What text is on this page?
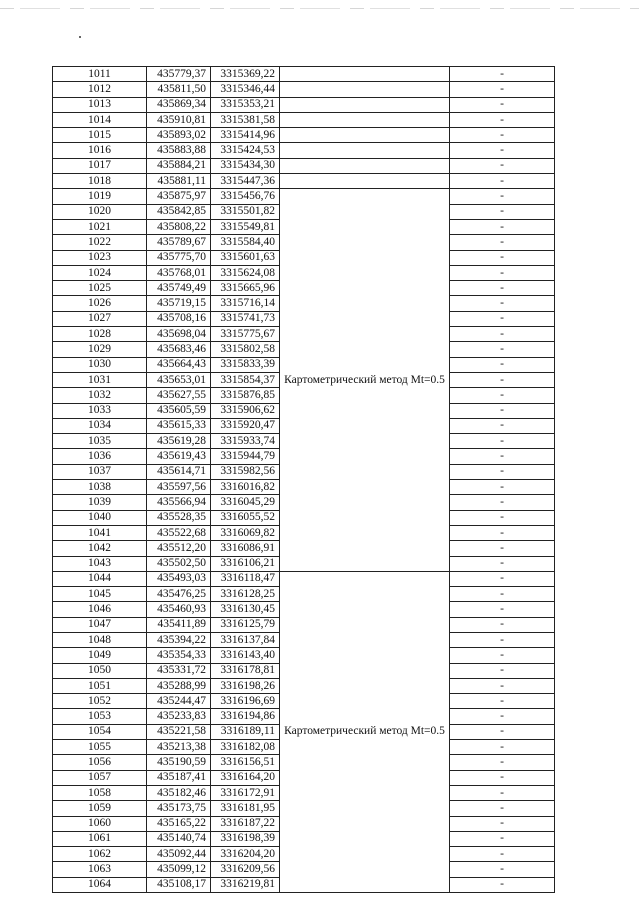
1011	435779,37	3315369,22		-
1012	435811,50	3315346,44		-
1013	435869,34	3315353,21		-
1014	435910,81	3315381,58		-
1015	435893,02	3315414,96		-
1016	435883,88	3315424,53		-
1017	435884,21	3315434,30		-
1018	435881,11	3315447,36		-
1019	435875,97	3315456,76	Картометрический метод Mt=0.5	-
1020	435842,85	3315501,82		-
1021	435808,22	3315549,81		-
1022	435789,67	3315584,40		-
1023	435775,70	3315601,63		-
1024	435768,01	3315624,08		-
1025	435749,49	3315665,96		-
1026	435719,15	3315716,14		-
1027	435708,16	3315741,73		-
1028	435698,04	3315775,67		-
1029	435683,46	3315802,58		-
1030	435664,43	3315833,39		-
1031	435653,01	3315854,37		-
1032	435627,55	3315876,85		-
1033	435605,59	3315906,62		-
1034	435615,33	3315920,47		-
1035	435619,28	3315933,74		-
1036	435619,43	3315944,79		-
1037	435614,71	3315982,56		-
1038	435597,56	3316016,82		-
1039	435566,94	3316045,29		-
1040	435528,35	3316055,52		-
1041	435522,68	3316069,82		-
1042	435512,20	3316086,91		-
1043	435502,50	3316106,21		-
1044	435493,03	3316118,47	Картометрический метод Mt=0.5	-
1045	435476,25	3316128,25		-
1046	435460,93	3316130,45		-
1047	435411,89	3316125,79		-
1048	435394,22	3316137,84		-
1049	435354,33	3316143,40		-
1050	435331,72	3316178,81		-
1051	435288,99	3316198,26		-
1052	435244,47	3316196,69		-
1053	435233,83	3316194,86		-
1054	435221,58	3316189,11		-
1055	435213,38	3316182,08		-
1056	435190,59	3316156,51		-
1057	435187,41	3316164,20		-
1058	435182,46	3316172,91		-
1059	435173,75	3316181,95		-
1060	435165,22	3316187,22		-
1061	435140,74	3316198,39		-
1062	435092,44	3316204,20		-
1063	435099,12	3316209,56		-
1064	435108,17	3316219,81		-
